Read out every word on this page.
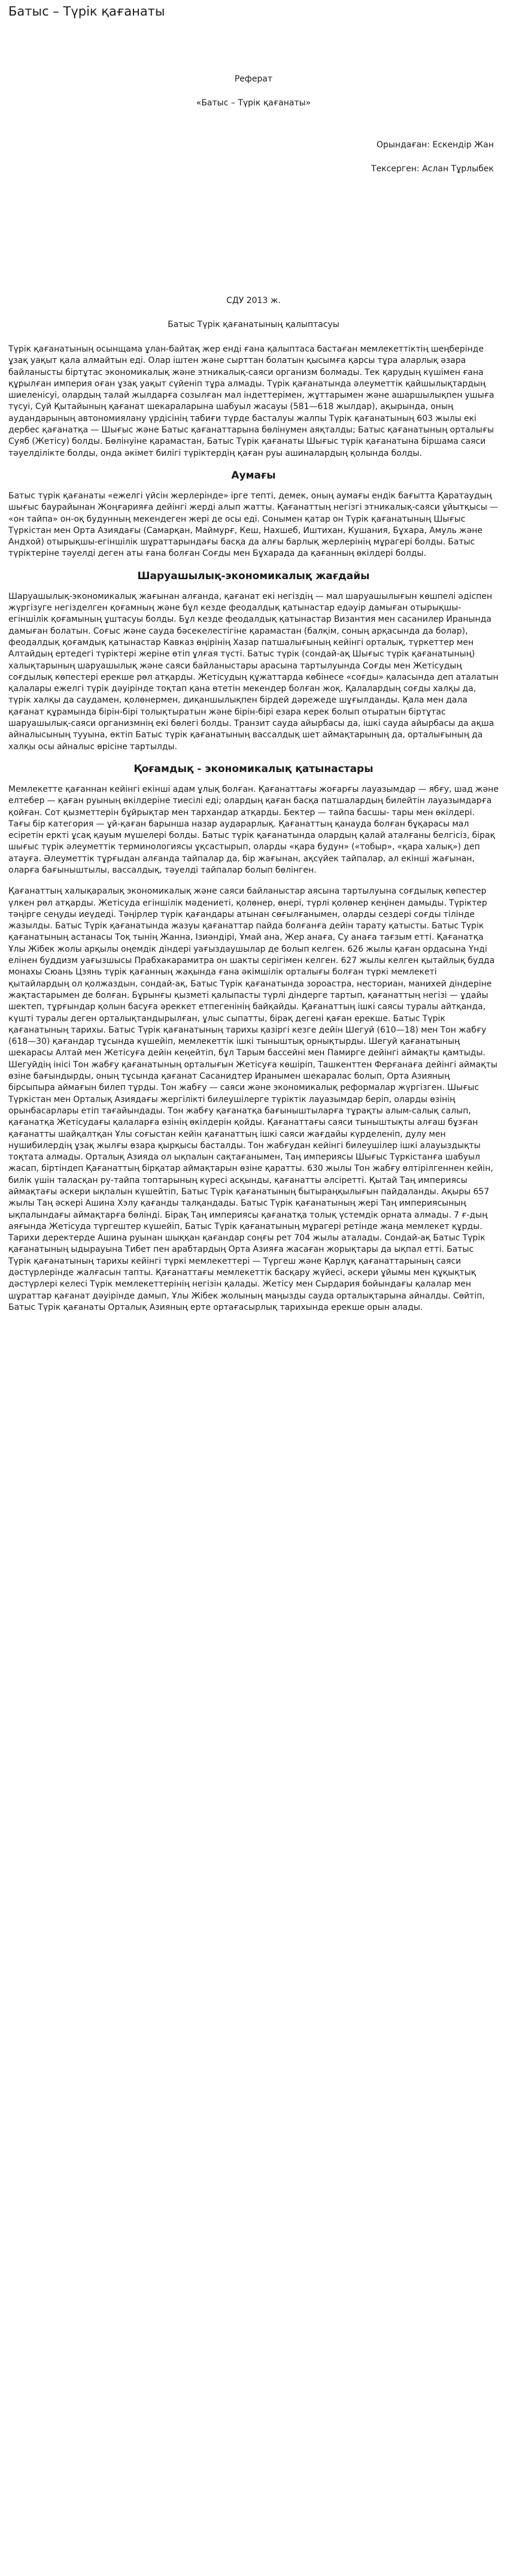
Батыс – Түрік қағанаты

Реферат

«Батыс – Түрік қағанаты»

Орындаған: Ескендір Жан

Тексерген: Аслан Тұрлыбек

СДУ 2013 ж.

Батыс Түрік қағанатының қалыптасуы

Түрік қағанатының осынщама ұлан-байтақ жер енді ғана қалыптаса бастаған мемлекеттіктің шеңберінде ұзақ уақыт қала алмайтын еді. Олар іштен және сырттан болатын қысымға қарсы тұра аларлық әзара байланысты біртұтас экономикалық және этникалық-саяси организм болмады. Тек қарудың күшімен ғана құрылған империя оған ұзақ уақыт сүйеніп тұра алмады. Түрік қағанатында әлеуметтік қайшылықтардың шиеленісуі, олардың талай жылдарға созылған мал індеттерімен, жұттарымен және ашаршылықпен ушыға түсуі, Суй Қытайының қағанат шекараларына шабуыл жасауы (581—618 жылдар), ақырында, оның аудандарының автономиялану үрдісінің табиғи түрде басталуы жалпы Түрік қағанатының 603 жылы екі дербес қағанатқа — Шығыс және Батыс қағанаттарына бөлінумен аяқталды; Батыс қағанатының орталығы Суяб (Жетісу) болды. Бөлінуіне қарамастан, Батыс Түрік қағанаты Шығыс түрік қағанатына біршама саяси тәуелділікте болды, онда әкімет билігі түріктердің қаған руы ашиналардың қолында болды.

Аумағы

Батыс түрік қағанаты «ежелгі үйсін жерлерінде» ірге тепті, демек, оның аумағы ендік бағытта Қаратаудың шығыс баурайынан Жоңғарияға дейінгі жерді алып жатты. Қағанаттың негізгі этникалық-саяси ұйытқысы — «он тайпа» он-оқ будунның мекендеген жері де осы еді. Сонымен қатар он Түрік қағанатының Шығыс Түркістан мен Орта Азиядағы (Самарқан, Маймурғ, Кеш, Нахшеб, Иштихан, Кушания, Бұхара, Амуль және Андхой) отырықшы-егіншілік шұраттарындағы басқа да алғы барлық жерлерінің мұрагері болды. Батыс түріктеріне тәуелді деген аты ғана болған Соғды мен Бұхарада да қағанның өкілдері болды.

Шаруашылық-экономикалық жағдайы

Шаруашылық-экономикалық жағынан алғанда, қағанат екі негіздің — мал шаруашылығын көшпелі әдіспен жүргізуге негізделген қоғамның және бұл кезде феодалдық қатынастар едәуір дамыған отырықшы-егіншілік қоғамының ұштасуы болды. Бұл кезде феодалдық қатынастар Византия мен сасанилер Иранында дамыған болатын. Соғыс және сауда бәсекелестігіне қарамастан (балқім, соның арқасында да болар), феодалдық қоғамдық қатынастар Кавказ өңірінің Хазар патшалығының кейінгі орталық, түркеттер мен Алтайдың ертедегі түріктері жеріне өтіп ұлғая түсті. Батыс түрік (сондай-ақ Шығыс түрік қағанатының) халықтарының шаруашылық және саяси байланыстары арасына тартылуында Соғды мен Жетісудың соғдылық көпестері ерекше рөл атқарды. Жетісудың құжаттарда көбінесе «соғды» қаласында деп аталатын қалалары ежелгі түрік дәуірінде тоқтап қана өтетін мекендер болған жоқ. Қалалардың соғды халқы да, түрік халқы да саудамен, қолөнермен, диқаншылықпен бірдей дәрежеде шұғылданды. Қала мен дала қағанат құрамында бірін-бірі толықтыратын және бірін-бірі езара керек болып отыратын біртұтас шаруашылық-саяси организмнің екі бөлегі болды. Транзит сауда айырбасы да, ішкі сауда айырбасы да ақша айналысының тууына, өктіп Батыс түрік қағанатының вассалдық шет аймақтарының да, орталығының да халқы осы айналыс өрісіне тартылды.

Қоғамдық - экономикалық қатынастары

Мемлекетте қағаннан кейінгі екінші адам ұлық болған. Қағанаттағы жоғарғы лауазымдар — ябғу, шад және елтебер — қаған руының өкілдеріне тиесілі еді; олардың қаған басқа патшалардың билейтін лауазымдарға қойған. Сот қызметтерін бұйрықтар мен тархандар атқарды. Бектер — тайпа басшы- тары мен өкілдері. Тағы бір категория — ұй-қаған барынша назар аударарлық. Қағанаттың қанауда болған бұқарасы мал есіретін еркті ұсақ қауым мүшелері болды. Батыс түрік қағанатында олардың қалай аталғаны белгісіз, бірақ шығыс түрік әлеуметтік терминологиясы ұқсастырып, оларды «қара будун» («тобыр», «қара халық») деп атауға. Әлеуметтік тұрғыдан алғанда тайпалар да, бір жағынан, ақсүйек тайпалар, ал екінші жағынан, оларға бағыныштылы, вассалдық, тәуелді тайпалар болып бөлінген.

Қағанаттың халықаралық экономикалық және саяси байланыстар аясына тартылуына соғдылық көпестер үлкен рөл атқарды. Жетісуда егіншілік мәдениеті, қолөнер, өнері, түрлі қолөнер кеңінен дамыды. Түріктер тәңірге сеңуды иеүдеді. Тәңірлер түрік қағандары атынан сөғылғанымен, оларды сездері соғды тілінде жазылды. Батыс Түрік қағанатында жазуы қағанаттар пайда болғанға дейін тарату қатысты. Батыс Түрік қағанатының астанасы Тоқ тынің Жанна, Ізиәндірі, Ұмай ана, Жер анаға, Су анаға тағзым етті. Қағанатқа Ұлы Жібек жолы арқылы оңемдік діндері уағыздаушылар де болып келген. 626 жылы қаған ордасына Үнді елінен буддизм уағызшысы Прабхакарамитра он шакты серігімен келген. 627 жылы келген қытайлық будда монахы Сюань Цзянь түрік қағанның жақында ғана әкімшілік орталығы болған түркі мемлекеті қытайлардың ол қолжаздын, сондай-ақ, Батыс Түрік қағанатында зороастра, несториан, манихей діндеріне жақтастарымен де болған. Бұрынғы қызметі қалыпасты түрлі діндерге тартып, қағанаттың негізі — ұдайы шектеп, тұрғындар қолын басуға әреккет етпегенінің байқайды. Қағанаттың ішкі саясы туралы айтқанда, күшті туралы деген орталықтандырылған, ұлыс сыпатты, бірақ дегені қаған ерекше. Батыс Түрік қағанатының тарихы. Батыс Түрік қағанатының тарихы қазіргі кезге дейін Шегуй (610—18) мен Тон жабғу (618—30) қағандар тұсында күшейіп, мемлекеттік ішкі тыныштық орнықтырды. Шегуй қағанатының шекарасы Алтай мен Жетісуға дейін кеңейтіп, бұл Тарым бассейні мен Памирге дейінгі аймақты қамтыды. Шегуйдің інісі Тон жабғу қағанатының орталығын Жетісуға көшіріп, Ташкенттен Ферғанаға дейінгі аймақты өзіне бағындырды, оның тұсында қағанат Сасанидтер Иранымен шекаралас болып, Орта Азияның бірсыпыра аймағын билеп тұрды. Тон жабғу — саяси және экономикалық реформалар жүргізген. Шығыс Түркістан мен Орталық Азиядағы жергілікті билеушілерге түріктік лауазымдар беріп, оларды өзінің орынбасарлары етіп тағайындады. Тон жабғу қағанатқа бағыныштыларға тұрақты алым-салық салып, қағанатқа Жетісудағы қалаларға өзінің өкілдерін қойды. Қағанаттағы саяси тыныштықты алғаш бұзған қағанатты шайқалтқан Ұлы соғыстан кейін қағанаттың ішкі саяси жағдайы күрделеніп, дулу мен нушибилердің ұзақ жылғы өзара қырқысы басталды. Тон жабғудан кейінгі билеушілер ішкі алауыздықты тоқтата алмады. Орталық Азияда ол ықпалын сақтағанымен, Таң империясы Шығыс Түркістанға шабуыл жасап, біртіндеп Қағанаттың бірқатар аймақтарын өзіне қаратты. 630 жылы Тон жабғу өлтірілгеннен кейін, билік үшін таласқан ру-тайпа топтарының күресі асқынды, қағанатты әлсіретті. Қытай Таң империясы аймақтағы әскери ықпалын күшейтіп, Батыс Түрік қағанатының бытыраңқылығын пайдаланды. Ақыры 657 жылы Таң әскері Ашина Хэлу қағанды талқандады. Батыс Түрік қағанатының жері Таң империясының ықпалындағы аймақтарға бөлінді. Бірақ Таң империясы қағанатқа толық үстемдік орната алмады. 7 ғ-дың аяғында Жетісуда түргештер күшейіп, Батыс Түрік қағанатының мұрагері ретінде жаңа мемлекет құрды. Тарихи деректерде Ашина руынан шыққан қағандар соңғы рет 704 жылы аталады. Сондай-ақ Батыс Түрік қағанатының ыдырауына Тибет пен арабтардың Орта Азияға жасаған жорықтары да ықпал етті. Батыс Түрік қағанатының тарихы кейінгі түркі мемлекеттері — Түргеш және Қарлұқ қағанаттарының саяси дәстүрлерінде жалғасын тапты. Қағанаттағы мемлекеттік басқару жүйесі, әскери ұйымы мен құқықтық дәстүрлері келесі Түрік мемлекеттерінің негізін қалады. Жетісу мен Сырдария бойындағы қалалар мен шұраттар қағанат дәуірінде дамып, Ұлы Жібек жолының маңызды сауда орталықтарына айналды. Сөйтіп, Батыс Түрік қағанаты Орталық Азияның ерте ортағасырлық тарихында ерекше орын алады.
